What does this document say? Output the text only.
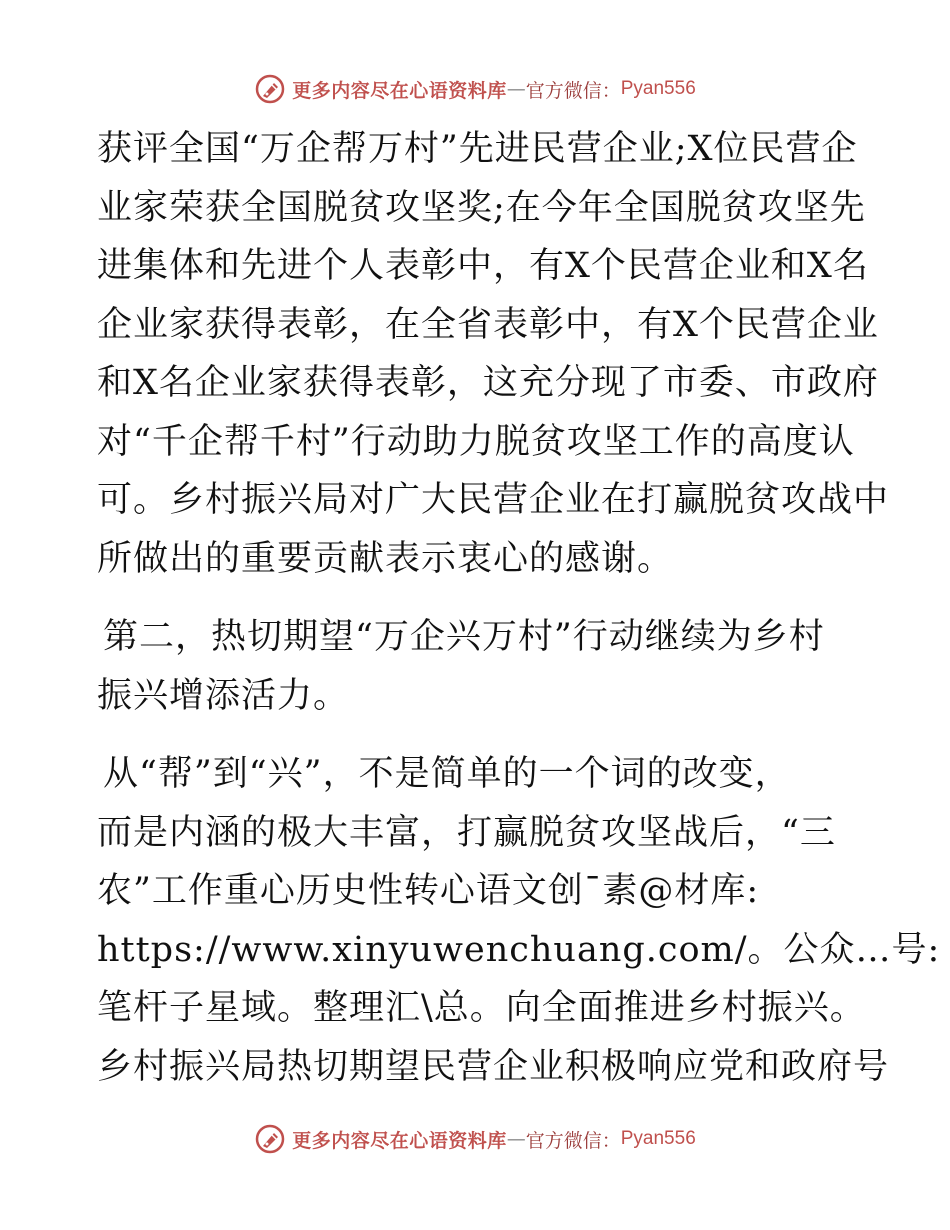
更多内容尽在心语资料库 — 官方微信： Pyan556
获评全国“万企帮万村”先进民营企业;X位民营企
业家荣获全国脱贫攻坚奖;在今年全国脱贫攻坚先
进集体和先进个人表彰中，有X个民营企业和X名
企业家获得表彰，在全省表彰中，有X个民营企业
和X名企业家获得表彰，这充分现了市委、市政府
对“千企帮千村”行动助力脱贫攻坚工作的高度认
可。乡村振兴局对广大民营企业在打赢脱贫攻战中
所做出的重要贡献表示衷心的感谢。
第二，热切期望“万企兴万村”行动继续为乡村
振兴增添活力。
从“帮”到“兴”，不是简单的一个词的改变，
而是内涵的极大丰富，打赢脱贫攻坚战后，“三
农”工作重心历史性转心语文创¯素@材库:
https://www.xinyuwenchuang.com/。公众…号:
笔杆子星域。整理汇\总。向全面推进乡村振兴。
乡村振兴局热切期望民营企业积极响应党和政府号
更多内容尽在心语资料库 — 官方微信： Pyan556
